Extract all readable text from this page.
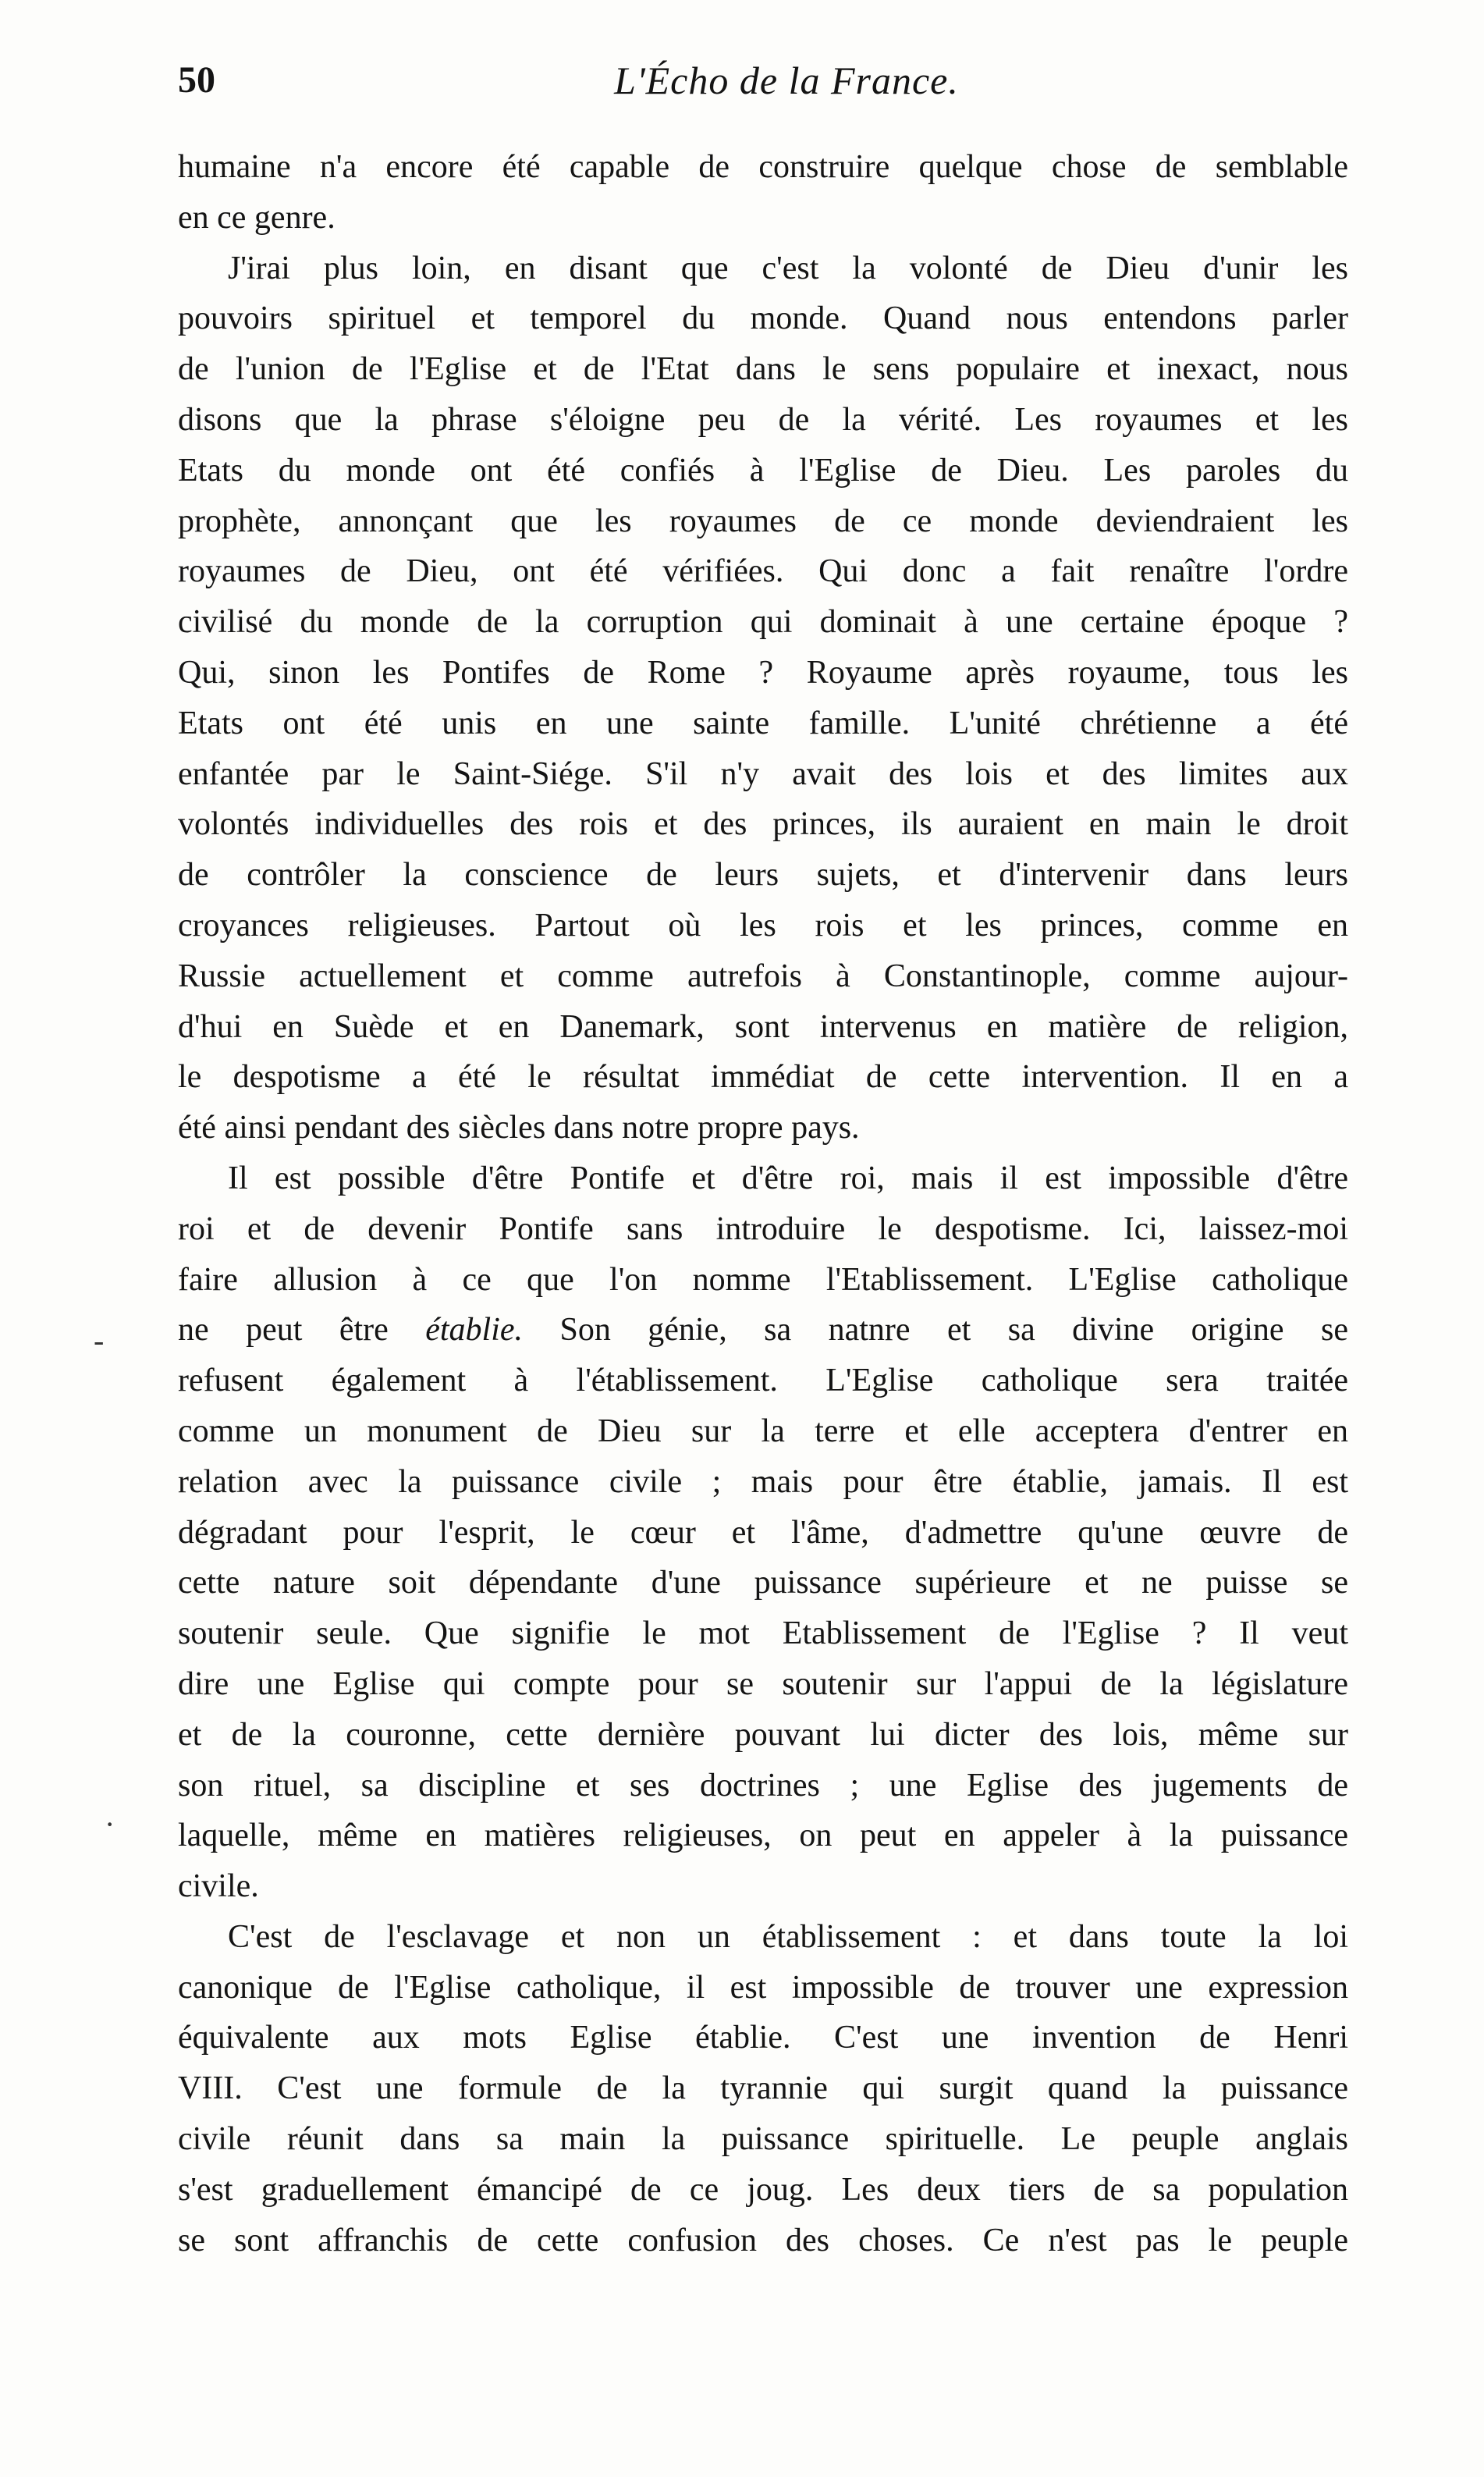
50	L'Écho de la France.
-
·
humaine n'a encore été capable de construire quelque chose de semblable
en ce genre.
J'irai plus loin, en disant que c'est la volonté de Dieu d'unir les
pouvoirs spirituel et temporel du monde. Quand nous entendons parler
de l'union de l'Eglise et de l'Etat dans le sens populaire et inexact, nous
disons que la phrase s'éloigne peu de la vérité. Les royaumes et les
Etats du monde ont été confiés à l'Eglise de Dieu. Les paroles du
prophète, annonçant que les royaumes de ce monde deviendraient les
royaumes de Dieu, ont été vérifiées. Qui donc a fait renaître l'ordre
civilisé du monde de la corruption qui dominait à une certaine époque ?
Qui, sinon les Pontifes de Rome ? Royaume après royaume, tous les
Etats ont été unis en une sainte famille. L'unité chrétienne a été
enfantée par le Saint-Siége. S'il n'y avait des lois et des limites aux
volontés individuelles des rois et des princes, ils auraient en main le droit
de contrôler la conscience de leurs sujets, et d'intervenir dans leurs
croyances religieuses. Partout où les rois et les princes, comme en
Russie actuellement et comme autrefois à Constantinople, comme aujour-
d'hui en Suède et en Danemark, sont intervenus en matière de religion,
le despotisme a été le résultat immédiat de cette intervention. Il en a
été ainsi pendant des siècles dans notre propre pays.
Il est possible d'être Pontife et d'être roi, mais il est impossible d'être
roi et de devenir Pontife sans introduire le despotisme. Ici, laissez-moi
faire allusion à ce que l'on nomme l'Etablissement. L'Eglise catholique
ne peut être établie. Son génie, sa natnre et sa divine origine se
refusent également à l'établissement. L'Eglise catholique sera traitée
comme un monument de Dieu sur la terre et elle acceptera d'entrer en
relation avec la puissance civile ; mais pour être établie, jamais. Il est
dégradant pour l'esprit, le cœur et l'âme, d'admettre qu'une œuvre de
cette nature soit dépendante d'une puissance supérieure et ne puisse se
soutenir seule. Que signifie le mot Etablissement de l'Eglise ? Il veut
dire une Eglise qui compte pour se soutenir sur l'appui de la législature
et de la couronne, cette dernière pouvant lui dicter des lois, même sur
son rituel, sa discipline et ses doctrines ; une Eglise des jugements de
laquelle, même en matières religieuses, on peut en appeler à la puissance
civile.
C'est de l'esclavage et non un établissement : et dans toute la loi
canonique de l'Eglise catholique, il est impossible de trouver une expression
équivalente aux mots Eglise établie. C'est une invention de Henri
VIII. C'est une formule de la tyrannie qui surgit quand la puissance
civile réunit dans sa main la puissance spirituelle. Le peuple anglais
s'est graduellement émancipé de ce joug. Les deux tiers de sa population
se sont affranchis de cette confusion des choses. Ce n'est pas le peuple
